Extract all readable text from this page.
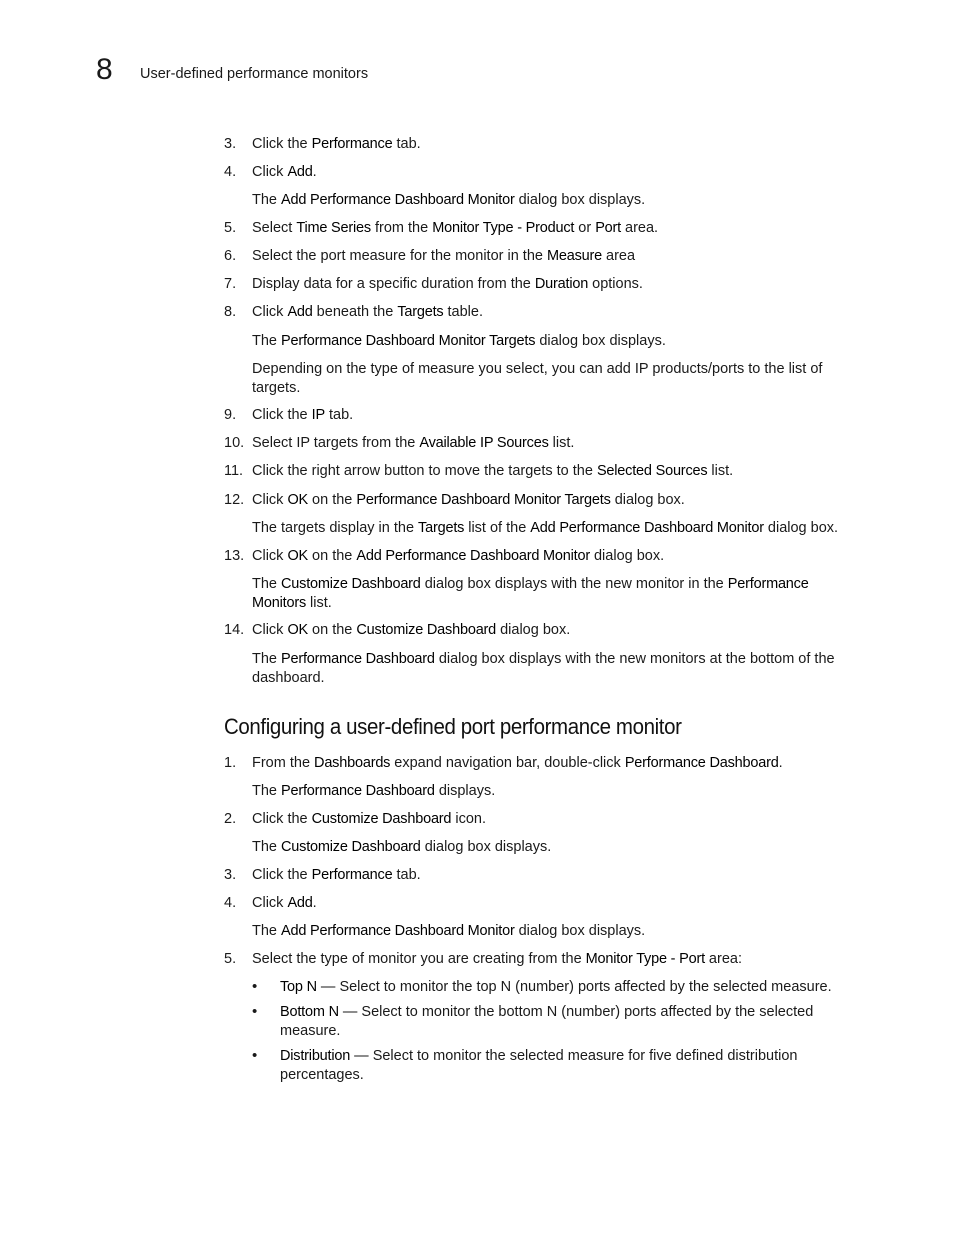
8 User-defined performance monitors
3. Click the Performance tab.
4. Click Add.
The Add Performance Dashboard Monitor dialog box displays.
5. Select Time Series from the Monitor Type - Product or Port area.
6. Select the port measure for the monitor in the Measure area
7. Display data for a specific duration from the Duration options.
8. Click Add beneath the Targets table.
The Performance Dashboard Monitor Targets dialog box displays.
Depending on the type of measure you select, you can add IP products/ports to the list of targets.
9. Click the IP tab.
10. Select IP targets from the Available IP Sources list.
11. Click the right arrow button to move the targets to the Selected Sources list.
12. Click OK on the Performance Dashboard Monitor Targets dialog box.
The targets display in the Targets list of the Add Performance Dashboard Monitor dialog box.
13. Click OK on the Add Performance Dashboard Monitor dialog box.
The Customize Dashboard dialog box displays with the new monitor in the Performance Monitors list.
14. Click OK on the Customize Dashboard dialog box.
The Performance Dashboard dialog box displays with the new monitors at the bottom of the dashboard.
Configuring a user-defined port performance monitor
1. From the Dashboards expand navigation bar, double-click Performance Dashboard.
The Performance Dashboard displays.
2. Click the Customize Dashboard icon.
The Customize Dashboard dialog box displays.
3. Click the Performance tab.
4. Click Add.
The Add Performance Dashboard Monitor dialog box displays.
5. Select the type of monitor you are creating from the Monitor Type - Port area:
• Top N — Select to monitor the top N (number) ports affected by the selected measure.
• Bottom N — Select to monitor the bottom N (number) ports affected by the selected measure.
• Distribution — Select to monitor the selected measure for five defined distribution percentages.
